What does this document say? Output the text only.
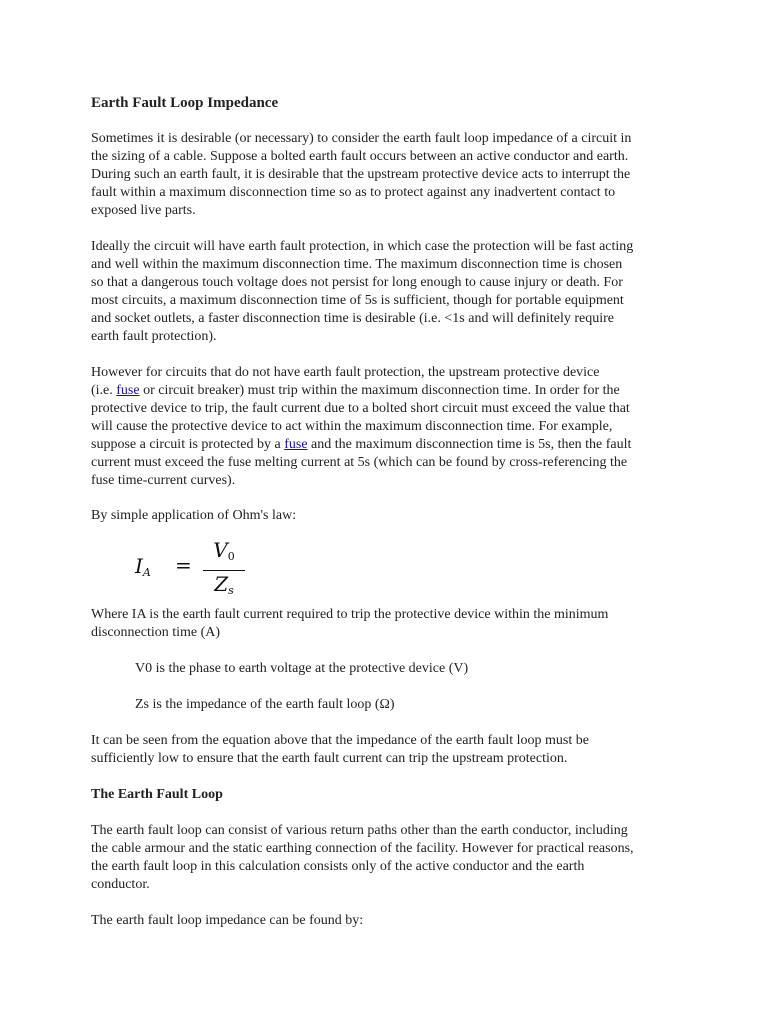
Earth Fault Loop Impedance
Sometimes it is desirable (or necessary) to consider the earth fault loop impedance of a circuit in
the sizing of a cable. Suppose a bolted earth fault occurs between an active conductor and earth.
During such an earth fault, it is desirable that the upstream protective device acts to interrupt the
fault within a maximum disconnection time so as to protect against any inadvertent contact to
exposed live parts.
Ideally the circuit will have earth fault protection, in which case the protection will be fast acting
and well within the maximum disconnection time. The maximum disconnection time is chosen
so that a dangerous touch voltage does not persist for long enough to cause injury or death. For
most circuits, a maximum disconnection time of 5s is sufficient, though for portable equipment
and socket outlets, a faster disconnection time is desirable (i.e. <1s and will definitely require
earth fault protection).
However for circuits that do not have earth fault protection, the upstream protective device
(i.e. fuse or circuit breaker) must trip within the maximum disconnection time. In order for the
protective device to trip, the fault current due to a bolted short circuit must exceed the value that
will cause the protective device to act within the maximum disconnection time. For example,
suppose a circuit is protected by a fuse and the maximum disconnection time is 5s, then the fault
current must exceed the fuse melting current at 5s (which can be found by cross-referencing the
fuse time-current curves).
By simple application of Ohm's law:
$I_A$ =
$V_0$
$Z_s$
Where IA is the earth fault current required to trip the protective device within the minimum
disconnection time (A)
V0 is the phase to earth voltage at the protective device (V)
Zs is the impedance of the earth fault loop (Ω)
It can be seen from the equation above that the impedance of the earth fault loop must be
sufficiently low to ensure that the earth fault current can trip the upstream protection.
The Earth Fault Loop
The earth fault loop can consist of various return paths other than the earth conductor, including
the cable armour and the static earthing connection of the facility. However for practical reasons,
the earth fault loop in this calculation consists only of the active conductor and the earth
conductor.
The earth fault loop impedance can be found by:
